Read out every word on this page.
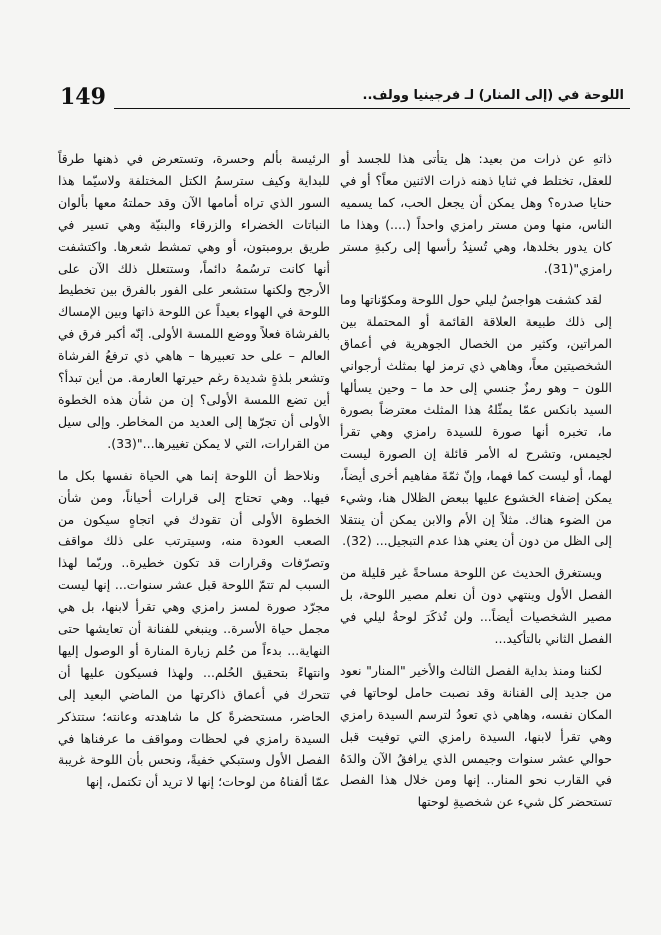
149	اللوحة في (إلى المنار) لـ فرجينيا وولف..

ذاتهِ عن ذرات من بعيد: هل يتأتى هذا للجسد أو للعقل، تختلط في ثنايا ذهنه ذرات الاثنين معاً؟ أو في حنايا صدره؟ وهل يمكن أن يجعل الحب، كما يسميه الناس، منها ومن مستر رامزي واحداً (....) وهذا ما كان يدور بخلدها، وهي تُسنِدُ رأسها إلى ركبةِ مستر رامزي"(31).

لقد كشفت هواجسُ ليلي حول اللوحة ومكوّناتها وما إلى ذلك طبيعة العلاقة القائمة أو المحتملة بين المراتين، وكثير من الخصال الجوهرية في أعماق الشخصيتين معاً، وهاهي ذي ترمز لها بمثلث أرجواني اللون – وهو رمزٌ جنسي إلى حد ما – وحين يسألها السيد بانكس عمّا يمثّلهُ هذا المثلث معترضاً بصورة ما، تخبره أنها صورة للسيدة رامزي وهي تقرأ لجيمس، وتشرح له الأمر قائلة إن الصورة ليست لهما، أو ليست كما فهما، وإنّ ثمّةَ مفاهيم أخرى أيضاً، يمكن إضفاء الخشوع عليها ببعض الظلال هنا، وشيء من الضوء هناك. مثلاً إن الأم والابن يمكن أن ينتقلا إلى الظل من دون أن يعني هذا عدم التبجيل... (32).

ويستغرق الحديث عن اللوحة مساحةً غير قليلة من الفصل الأول وينتهي دون أن نعلم مصير اللوحة، بل مصير الشخصيات أيضاً... ولن تُذكَرَ لوحةُ ليلي في الفصل الثاني بالتأكيد...

لكننا ومنذ بداية الفصل الثالث والأخير "المنار" نعود من جديد إلى الفنانة وقد نصبت حامل لوحاتها في المكان نفسه، وهاهي ذي تعودُ لترسم السيدة رامزي وهي تقرأ لابنها، السيدة رامزي التي توفيت قبل حوالي عشر سنوات وجيمس الذي يرافقُ الآن والدَهُ في القارب نحو المنار.. إنها ومن خلال هذا الفصل تستحضر كل شيء عن شخصيةِ لوحتها

الرئيسة بألم وحسرة، وتستعرض في ذهنها طرقاً للبداية وكيف سترسمُ الكتل المختلفة ولاسيّما هذا السور الذي تراه أمامها الآن وقد حملتهُ معها بألوان النباتات الخضراء والزرقاء والبنيّة وهي تسير في طريق برومبتون، أو وهي تمشط شعرها. واكتشفت أنها كانت ترسُمهُ دائماً، وستتعلل ذلك الآن على الأرجح ولكنها ستشعر على الفور بالفرق بين تخطيط اللوحة في الهواء بعيداً عن اللوحة ذاتها وبين الإمساك بالفرشاة فعلاً ووضع اللمسة الأولى. إنّه أكبر فرق في العالم – على حد تعبيرها – هاهي ذي ترفعُ الفرشاة وتشعر بلذةٍ شديدة رغم حيرتها العارمة. من أين تبدأ؟ أين تضع اللمسة الأولى؟ إن من شأن هذه الخطوة الأولى أن تجرّها إلى العديد من المخاطر. وإلى سيل من القرارات، التي لا يمكن تغييرها..."(33).

ونلاحظ أن اللوحة إنما هي الحياة نفسها بكل ما فيها.. وهي تحتاج إلى قرارات أحياناً، ومن شأن الخطوة الأولى أن تقودك في اتجاهٍ سيكون من الصعب العودة منه، وسيترتب على ذلك مواقف وتصرّفات وقرارات قد تكون خطيرة.. وربّما لهذا السبب لم تتمّ اللوحة قبل عشر سنوات... إنها ليست مجرّد صورة لمسز رامزي وهي تقرأ لابنها، بل هي مجمل حياة الأسرة.. وينبغي للفنانة أن تعايشها حتى النهاية... بدءاً من حُلم زيارة المنارة أو الوصول إليها وانتهاءً بتحقيق الحُلم... ولهذا فسيكون عليها أن تتحرك في أعماق ذاكرتها من الماضي البعيد إلى الحاضر، مستحضرةً كل ما شاهدته وعانته؛ ستتذكر السيدة رامزي في لحظات ومواقف ما عرفناها في الفصل الأول وستبكي خفيةً، ونحس بأن اللوحة غريبة عمّا ألفناهُ من لوحات؛ إنها لا تريد أن تكتمل، إنها
